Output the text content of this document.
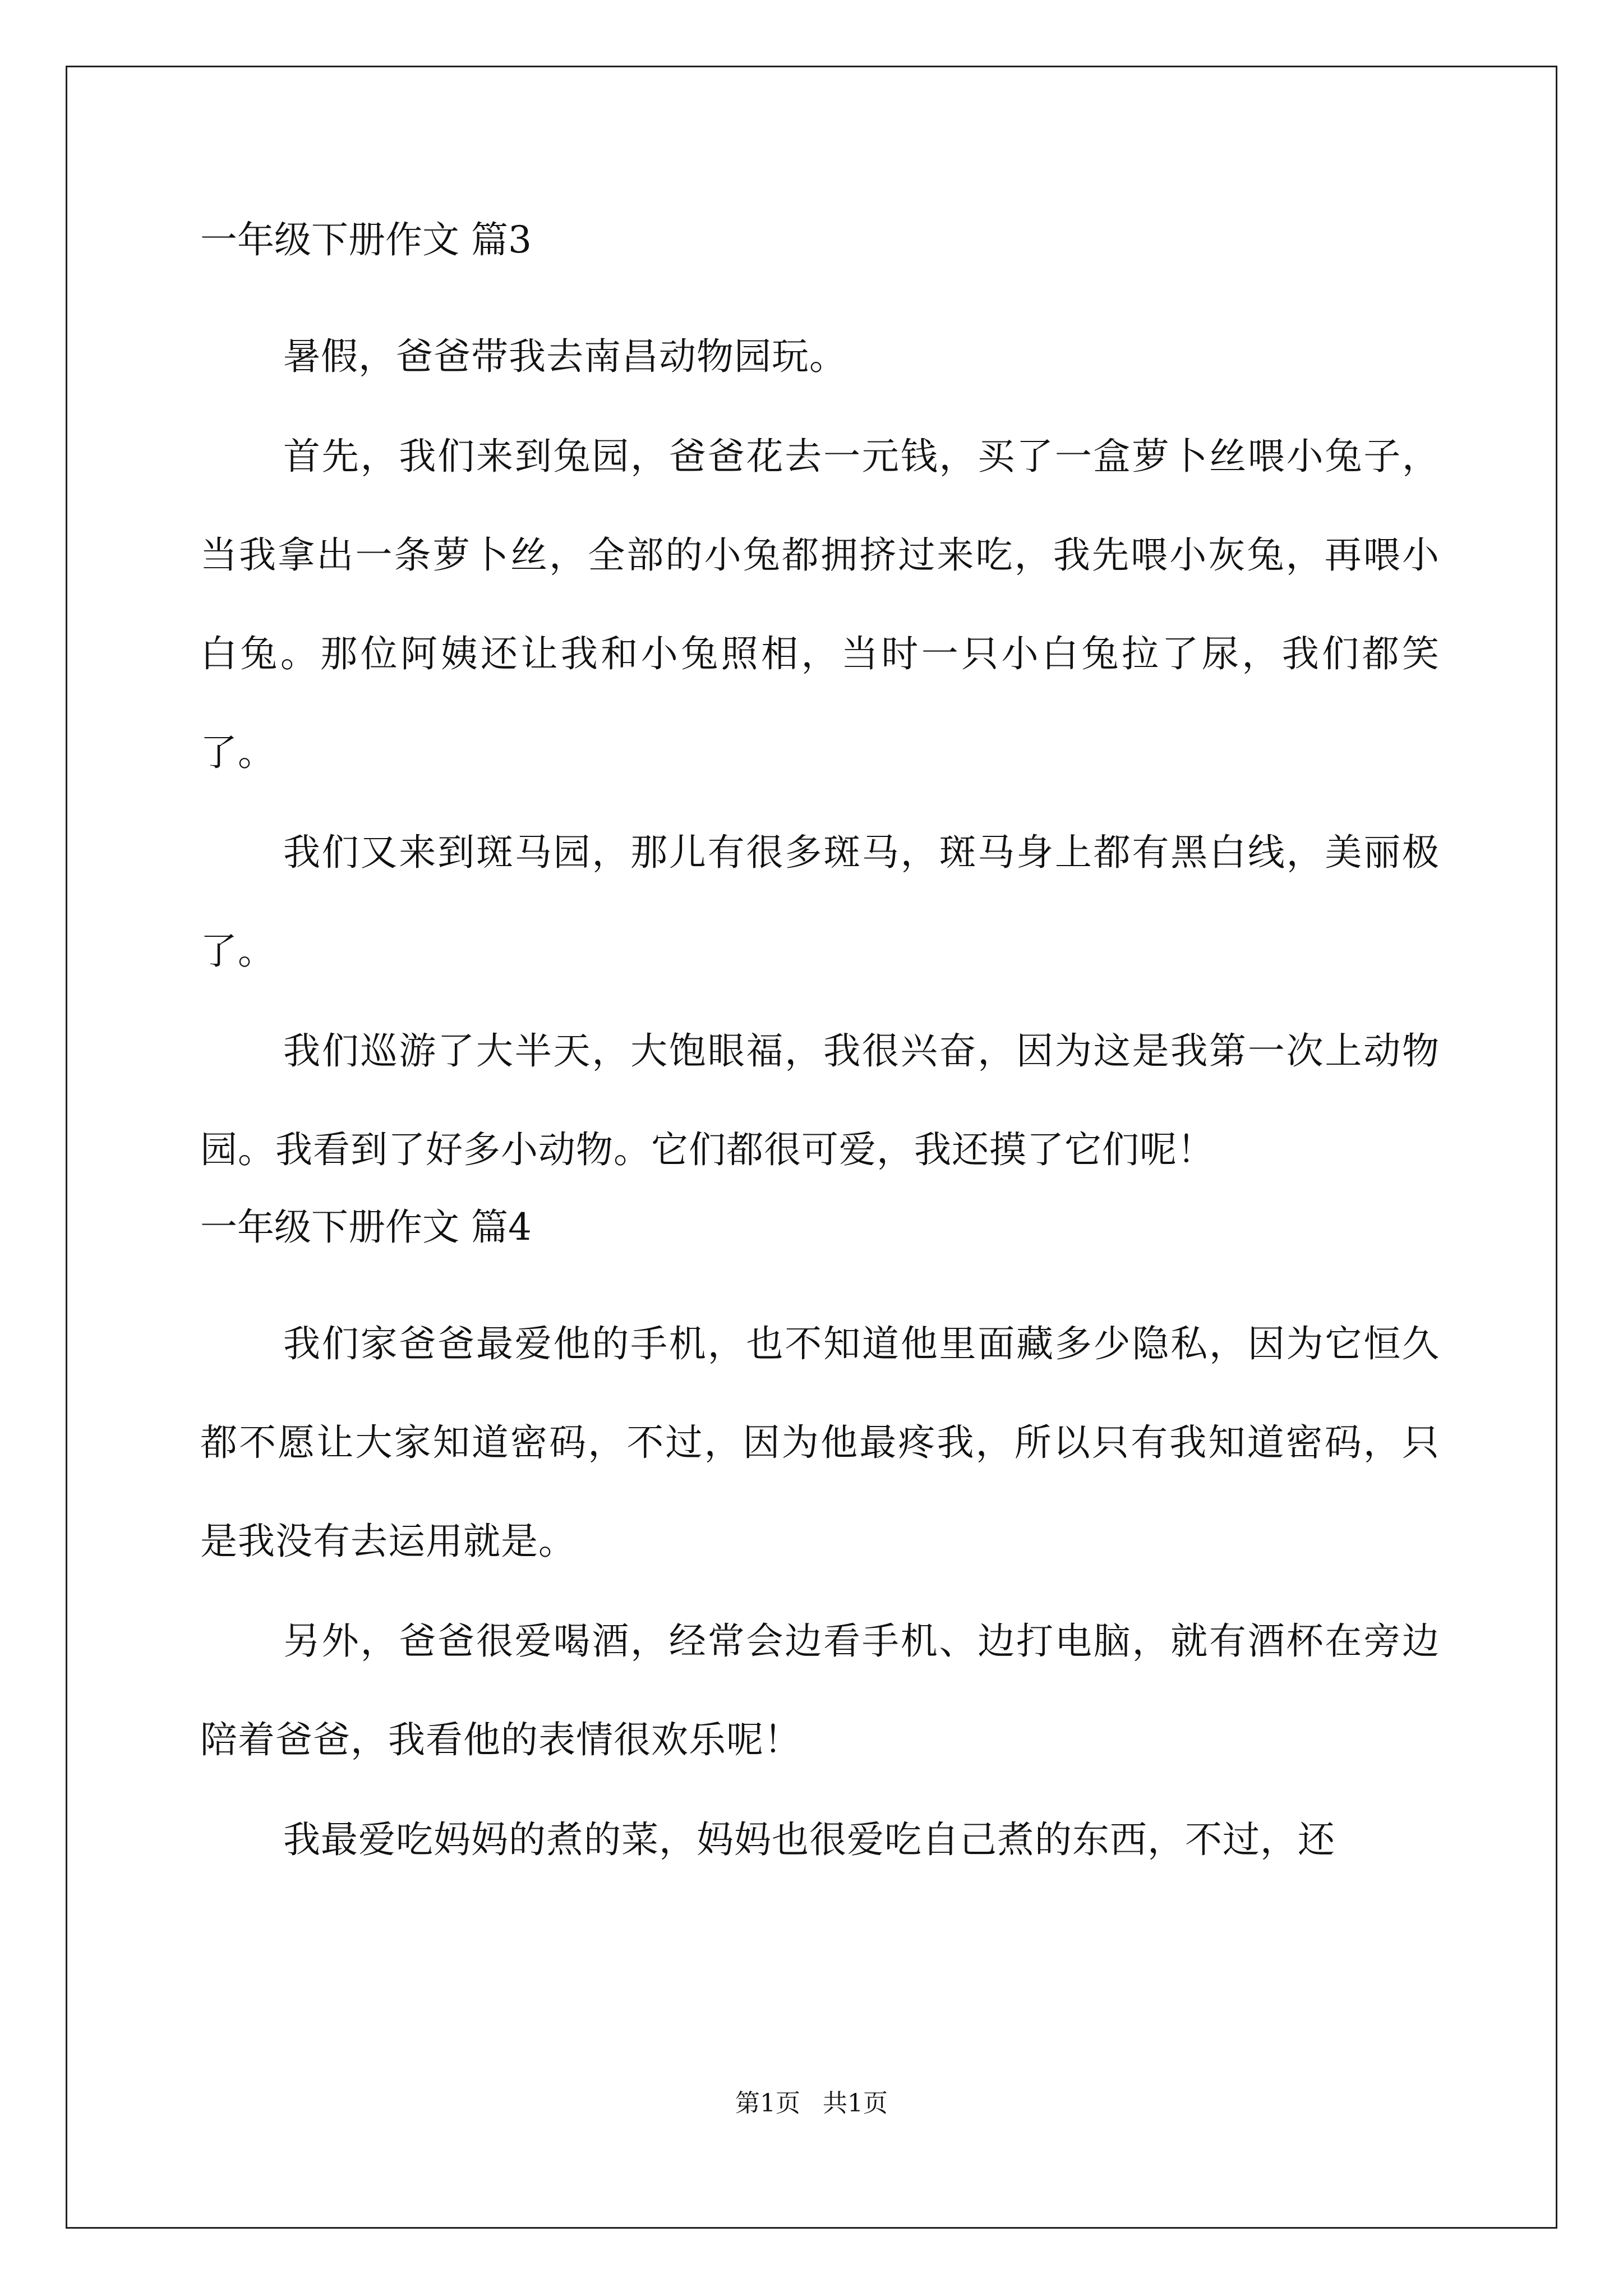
一年级下册作文 篇3

暑假，爸爸带我去南昌动物园玩。

首先，我们来到兔园，爸爸花去一元钱，买了一盒萝卜丝喂小兔子，当我拿出一条萝卜丝，全部的小兔都拥挤过来吃，我先喂小灰兔，再喂小白兔。那位阿姨还让我和小兔照相，当时一只小白兔拉了尿，我们都笑了。

我们又来到斑马园，那儿有很多斑马，斑马身上都有黑白线，美丽极了。

我们巡游了大半天，大饱眼福，我很兴奋，因为这是我第一次上动物园。我看到了好多小动物。它们都很可爱，我还摸了它们呢！

一年级下册作文 篇4

我们家爸爸最爱他的手机，也不知道他里面藏多少隐私，因为它恒久都不愿让大家知道密码，不过，因为他最疼我，所以只有我知道密码，只是我没有去运用就是。

另外，爸爸很爱喝酒，经常会边看手机、边打电脑，就有酒杯在旁边陪着爸爸，我看他的表情很欢乐呢！

我最爱吃妈妈的煮的菜，妈妈也很爱吃自己煮的东西，不过，还

第1页 共1页
